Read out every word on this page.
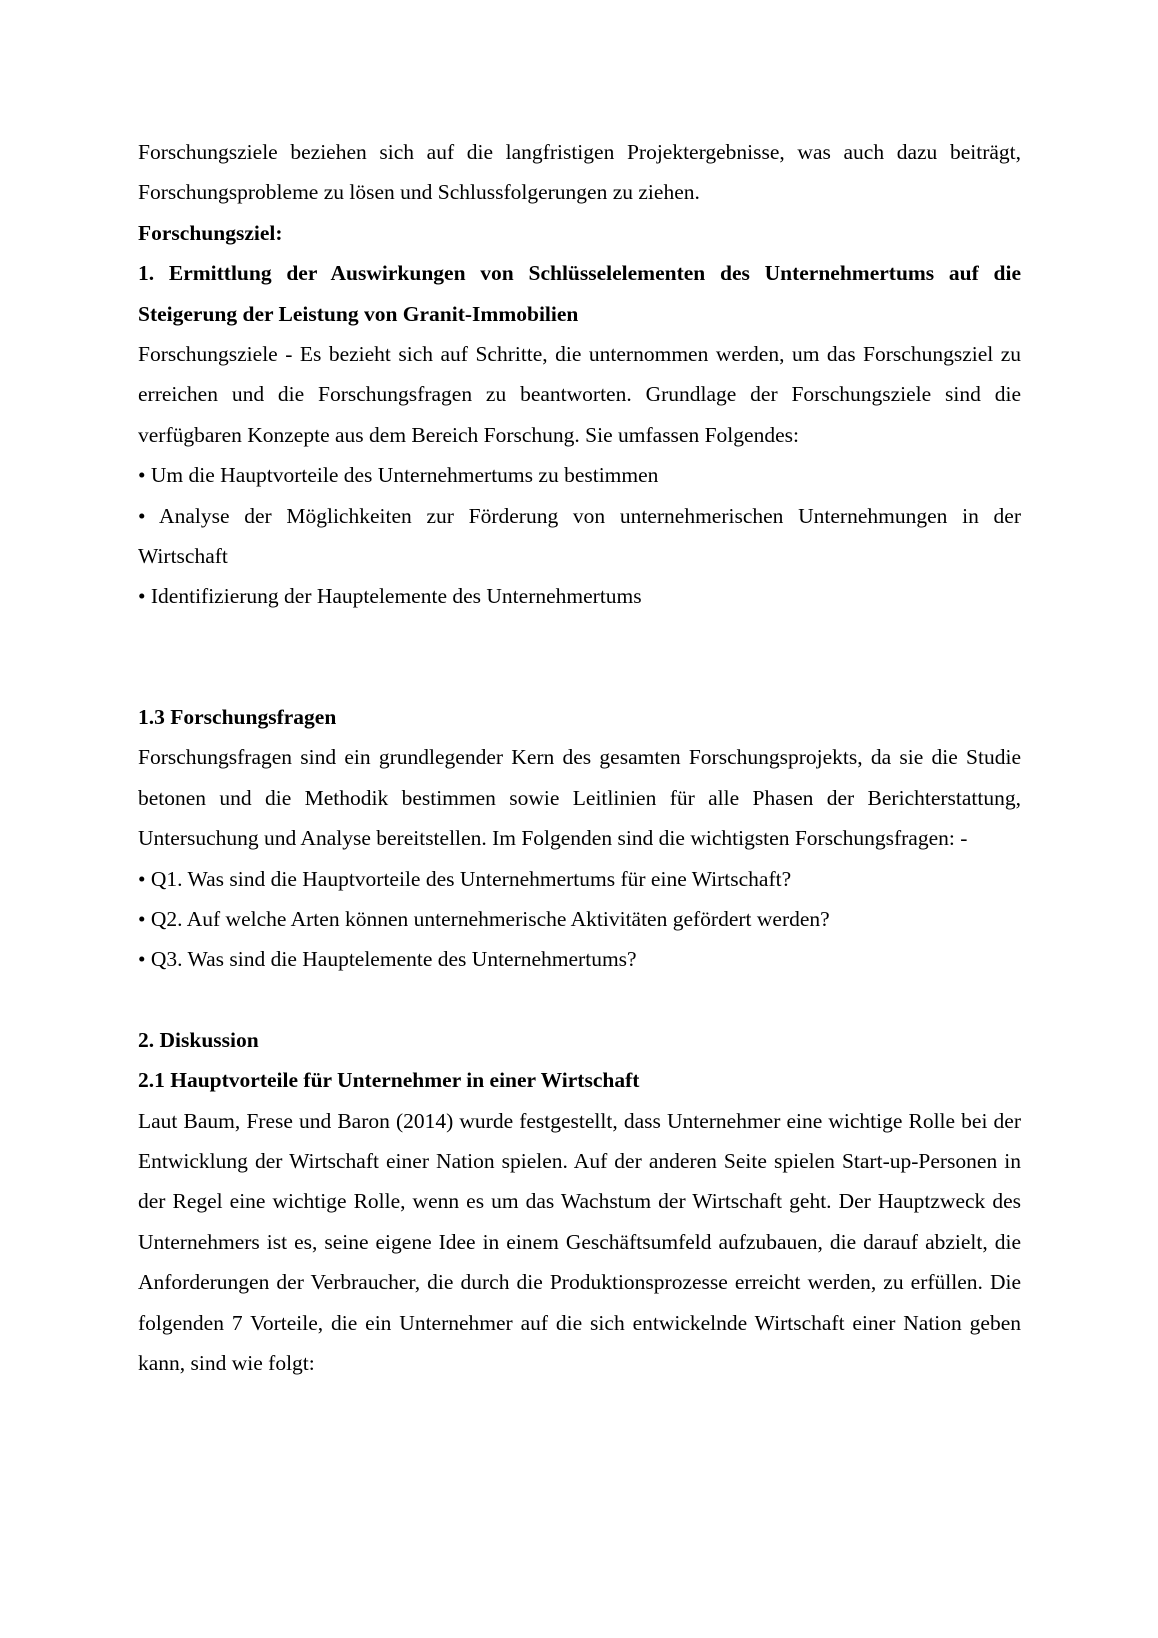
Forschungsziele beziehen sich auf die langfristigen Projektergebnisse, was auch dazu beiträgt, Forschungsprobleme zu lösen und Schlussfolgerungen zu ziehen.

Forschungsziel:

1. Ermittlung der Auswirkungen von Schlüsselelementen des Unternehmertums auf die Steigerung der Leistung von Granit-Immobilien

Forschungsziele - Es bezieht sich auf Schritte, die unternommen werden, um das Forschungsziel zu erreichen und die Forschungsfragen zu beantworten. Grundlage der Forschungsziele sind die verfügbaren Konzepte aus dem Bereich Forschung. Sie umfassen Folgendes:

• Um die Hauptvorteile des Unternehmertums zu bestimmen
• Analyse der Möglichkeiten zur Förderung von unternehmerischen Unternehmungen in der Wirtschaft
• Identifizierung der Hauptelemente des Unternehmertums

1.3 Forschungsfragen

Forschungsfragen sind ein grundlegender Kern des gesamten Forschungsprojekts, da sie die Studie betonen und die Methodik bestimmen sowie Leitlinien für alle Phasen der Berichterstattung, Untersuchung und Analyse bereitstellen. Im Folgenden sind die wichtigsten Forschungsfragen: -

• Q1. Was sind die Hauptvorteile des Unternehmertums für eine Wirtschaft?
• Q2. Auf welche Arten können unternehmerische Aktivitäten gefördert werden?
• Q3. Was sind die Hauptelemente des Unternehmertums?

2. Diskussion

2.1 Hauptvorteile für Unternehmer in einer Wirtschaft

Laut Baum, Frese und Baron (2014) wurde festgestellt, dass Unternehmer eine wichtige Rolle bei der Entwicklung der Wirtschaft einer Nation spielen. Auf der anderen Seite spielen Start-up-Personen in der Regel eine wichtige Rolle, wenn es um das Wachstum der Wirtschaft geht. Der Hauptzweck des Unternehmers ist es, seine eigene Idee in einem Geschäftsumfeld aufzubauen, die darauf abzielt, die Anforderungen der Verbraucher, die durch die Produktionsprozesse erreicht werden, zu erfüllen. Die folgenden 7 Vorteile, die ein Unternehmer auf die sich entwickelnde Wirtschaft einer Nation geben kann, sind wie folgt:
